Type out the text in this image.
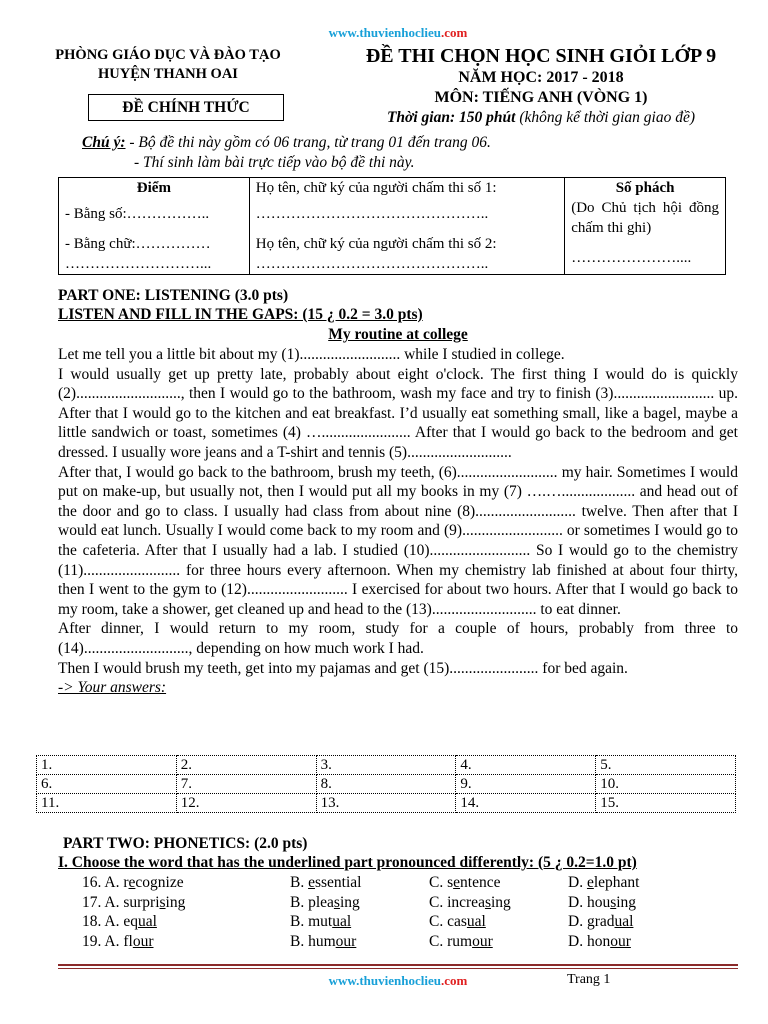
www.thuvienhoclieu.com
PHÒNG GIÁO DỤC VÀ ĐÀO TẠO
HUYỆN THANH OAI
ĐỀ CHÍNH THỨC
ĐỀ THI CHỌN HỌC SINH GIỎI LỚP 9
NĂM HỌC: 2017 - 2018
MÔN: TIẾNG ANH (VÒNG 1)
Thời gian: 150 phút (không kể thời gian giao đề)
Chú ý: - Bộ đề thi này gồm có 06 trang, từ trang 01 đến trang 06.
- Thí sinh làm bài trực tiếp vào bộ đề thi này.
Điểm
- Bằng số:……………..
- Bằng chữ:……………
………………………...

Họ tên, chữ ký của người chấm thi số 1:
………………………………………..
Họ tên, chữ ký của người chấm thi số 2:
………………………………………..

Số phách
(Do Chủ tịch hội đồng chấm thi ghi)
…………………....
PART ONE: LISTENING (3.0 pts)
LISTEN AND FILL IN THE GAPS: (15 ¿ 0.2 = 3.0 pts)
My routine at college

Let me tell you a little bit about my (1).......................... while I studied in college.

I would usually get up pretty late, probably about eight o'clock. The first thing I would do is quickly (2)..........................., then I would go to the bathroom, wash my face and try to finish (3).......................... up. After that I would go to the kitchen and eat breakfast. I’d usually eat something small, like a bagel, maybe a little sandwich or toast, sometimes (4) …....................... After that I would go back to the bedroom and get dressed. I usually wore jeans and a T-shirt and tennis (5)...........................

After that, I would go back to the bathroom, brush my teeth, (6).......................... my hair. Sometimes I would put on make-up, but usually not, then I would put all my books in my (7) ….…................... and head out of the door and go to class. I usually had class from about nine (8).......................... twelve. Then after that I would eat lunch. Usually I would come back to my room and (9).......................... or sometimes I would go to the cafeteria. After that I usually had a lab. I studied (10).......................... So I would go to the chemistry (11)......................... for three hours every afternoon. When my chemistry lab finished at about four thirty, then I went to the gym to (12).......................... I exercised for about two hours. After that I would go back to my room, take a shower, get cleaned up and head to the (13)........................... to eat dinner.

After dinner, I would return to my room, study for a couple of hours, probably from three to (14)..........................., depending on how much work I had.

Then I would brush my teeth, get into my pajamas and get (15)....................... for bed again.

-> Your answers:

1.	2.	3.	4.	5.
6.	7.	8.	9.	10.
11.	12.	13.	14.	15.
PART TWO: PHONETICS: (2.0 pts)
I. Choose the word that has the underlined part pronounced differently: (5 ¿ 0.2=1.0 pt)
16. A. recognize	B. essential	C. sentence	D. elephant
17. A. surprising	B. pleasing	C. increasing	D. housing
18. A. equal	B. mutual	C. casual	D. gradual
19. A. flour	B. humour	C. rumour	D. honour
www.thuvienhoclieu.com	Trang 1
